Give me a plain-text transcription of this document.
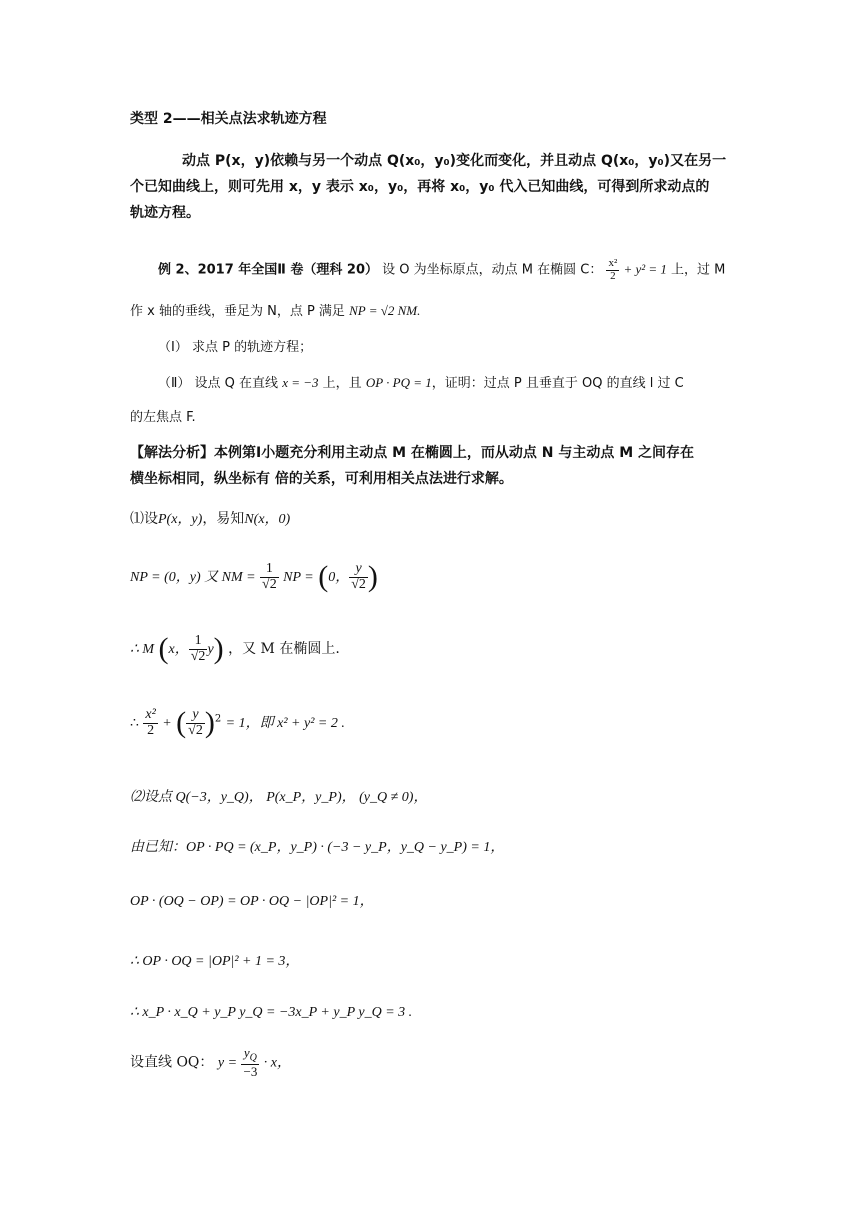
类型 2——相关点法求轨迹方程
动点 P(x，y)依赖与另一个动点 Q(x₀，y₀)变化而变化，并且动点 Q(x₀，y₀)又在另一
个已知曲线上，则可先用 x，y 表示 x₀，y₀，再将 x₀，y₀ 代入已知曲线，可得到所求动点的
轨迹方程。
例 2、2017 年全国Ⅱ 卷（理科 20） 设 O 为坐标原点，动点 M 在椭圆 C： $\frac{\text{x²}}{2} + y^2 = 1$ 上，过 M
作 x 轴的垂线，垂足为 N，点 P 满足 NP = √2 NM.
（Ⅰ） 求点 P 的轨迹方程；
（Ⅱ） 设点 Q 在直线 x = −3 上，且 OP · PQ = 1，证明：过点 P 且垂直于 OQ 的直线 l 过 C
的左焦点 F.
【解法分析】本例第Ⅰ小题充分利用主动点 M 在椭圆上，而从动点 N 与主动点 M 之间存在
横坐标相同，纵坐标有 倍的关系，可利用相关点法进行求解。
⑴设P(x，y)，易知N(x，0)
NP = (0，y) 又 NM = $\frac{1}{√2}$ NP = (0， $\frac{y}{√2}$ )
∴ M (x， $\frac{1}{√2} y$) ，又 M 在椭圆上.
∴ $\frac{\text{x²}}{2}$ + ( $\frac{y}{√2} )^2 = 1$，即 x² + y² = 2 .
⑵设点 Q(−3，y_Q)， P(x_P，y_P)， (y_Q ≠ 0)，
由已知：OP · PQ = (x_P，y_P) · (−3 − y_P，y_Q − y_P) = 1，
OP · (OQ − OP) = OP · OQ − |OP|² = 1，
∴ OP · OQ = |OP|² + 1 = 3，
∴ x_P · x_Q + y_P y_Q = −3x_P + y_P y_Q = 3 .
设直线 OQ： $y = \frac{y_Q}{-3} \cdot x$，
